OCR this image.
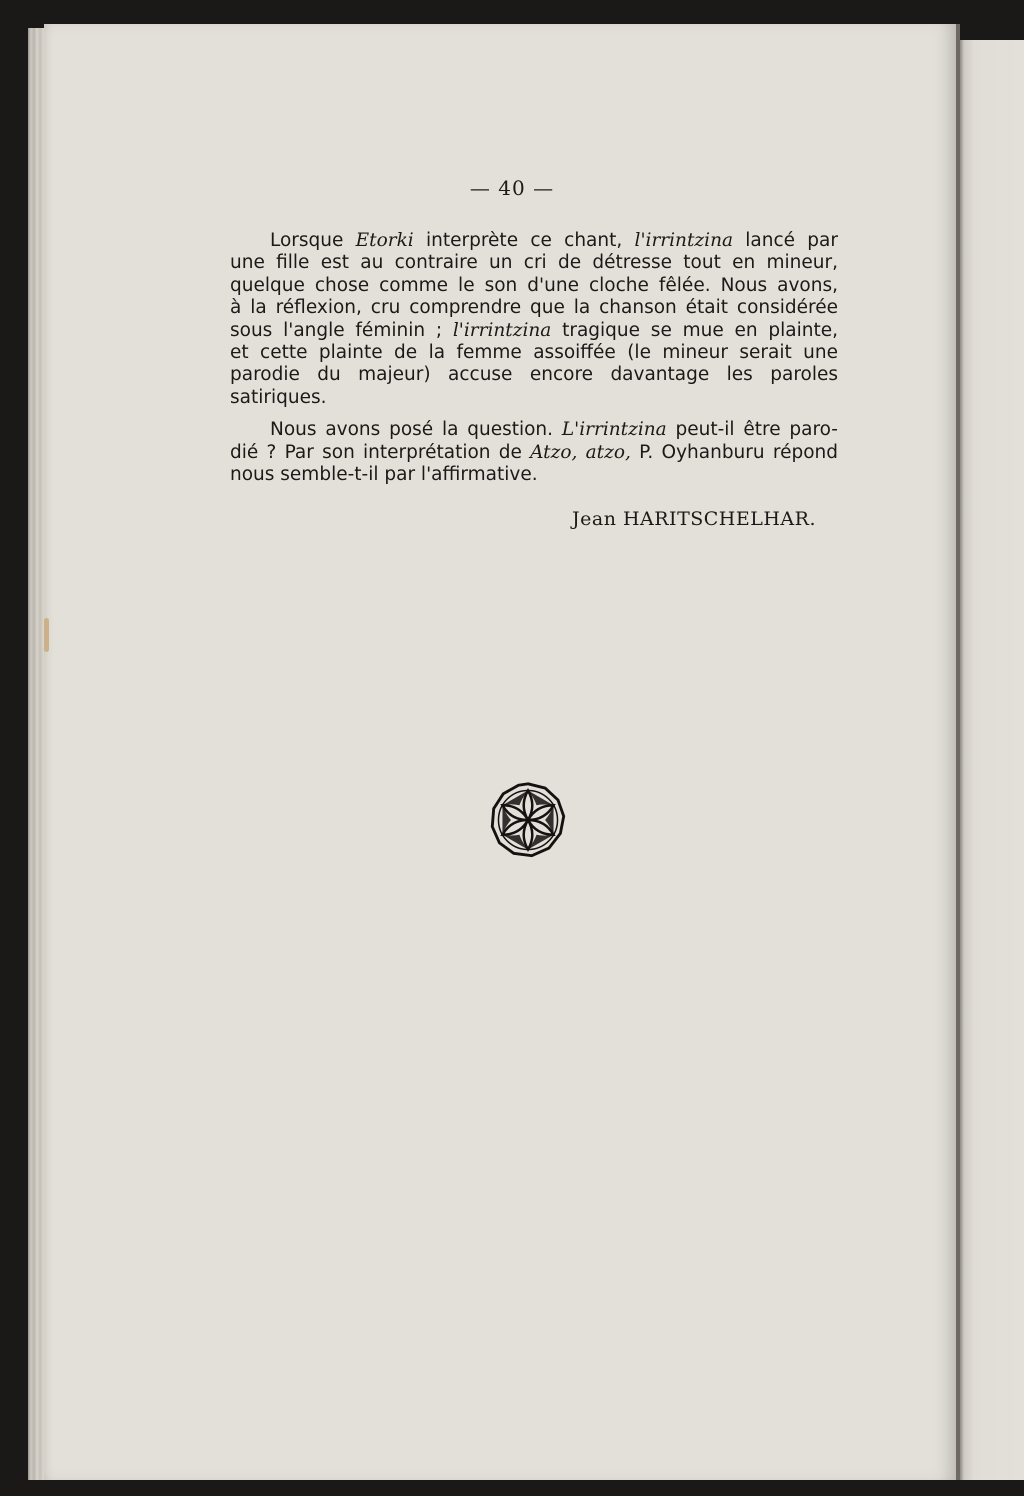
— 40 —

Lorsque Etorki interprète ce chant, l'irrintzina lancé par
une fille est au contraire un cri de détresse tout en mineur,
quelque chose comme le son d'une cloche fêlée. Nous avons,
à la réflexion, cru comprendre que la chanson était considérée
sous l'angle féminin ; l'irrintzina tragique se mue en plainte,
et cette plainte de la femme assoiffée (le mineur serait une
parodie du majeur) accuse encore davantage les paroles
satiriques.

Nous avons posé la question. L'irrintzina peut-il être paro-
dié ? Par son interprétation de Atzo, atzo, P. Oyhanburu répond
nous semble-t-il par l'affirmative.

Jean HARITSCHELHAR.
